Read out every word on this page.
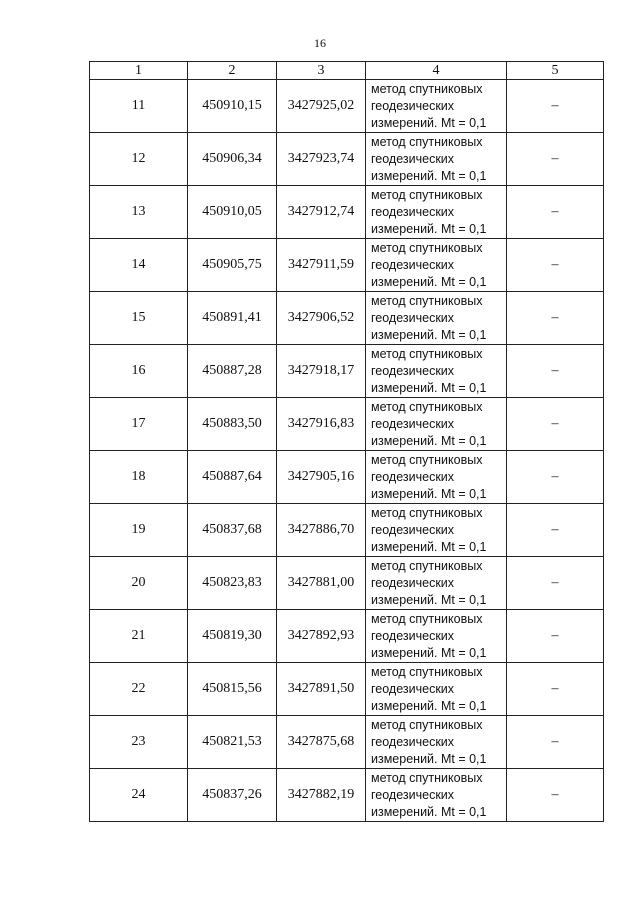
16
1	2	3	4	5
11	450910,15	3427925,02	метод спутниковых
геодезических
измерений. Mt = 0,1	–
12	450906,34	3427923,74	метод спутниковых
геодезических
измерений. Mt = 0,1	–
13	450910,05	3427912,74	метод спутниковых
геодезических
измерений. Mt = 0,1	–
14	450905,75	3427911,59	метод спутниковых
геодезических
измерений. Mt = 0,1	–
15	450891,41	3427906,52	метод спутниковых
геодезических
измерений. Mt = 0,1	–
16	450887,28	3427918,17	метод спутниковых
геодезических
измерений. Mt = 0,1	–
17	450883,50	3427916,83	метод спутниковых
геодезических
измерений. Mt = 0,1	–
18	450887,64	3427905,16	метод спутниковых
геодезических
измерений. Mt = 0,1	–
19	450837,68	3427886,70	метод спутниковых
геодезических
измерений. Mt = 0,1	–
20	450823,83	3427881,00	метод спутниковых
геодезических
измерений. Mt = 0,1	–
21	450819,30	3427892,93	метод спутниковых
геодезических
измерений. Mt = 0,1	–
22	450815,56	3427891,50	метод спутниковых
геодезических
измерений. Mt = 0,1	–
23	450821,53	3427875,68	метод спутниковых
геодезических
измерений. Mt = 0,1	–
24	450837,26	3427882,19	метод спутниковых
геодезических
измерений. Mt = 0,1	–
